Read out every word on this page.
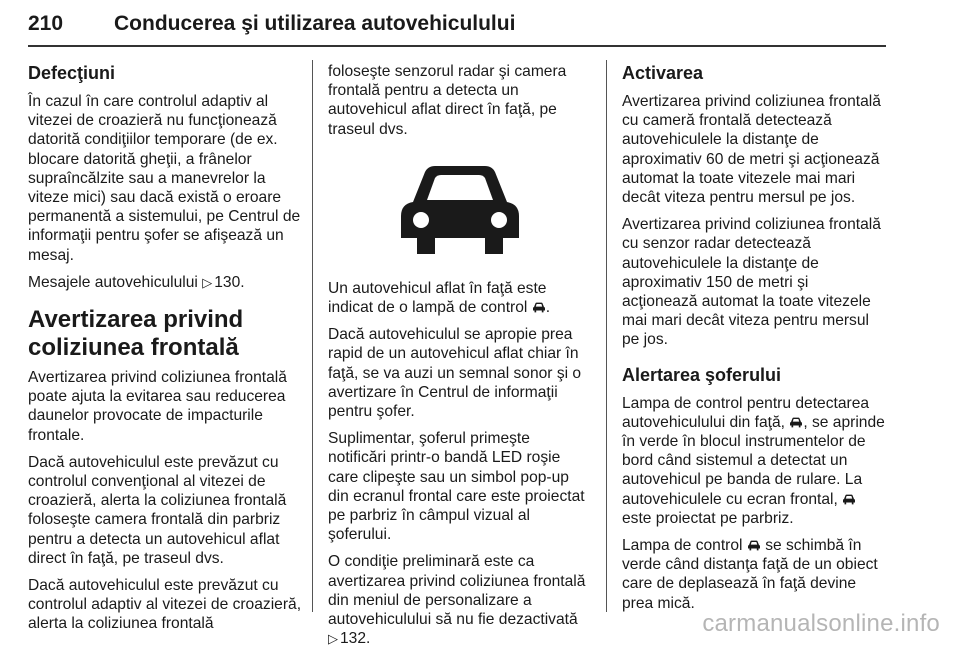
210 Conducerea şi utilizarea autovehiculului
Defecţiuni

În cazul în care controlul adaptiv al vitezei de croazieră nu funcţionează datorită condiţiilor temporare (de ex. blocare datorită gheţii, a frânelor supraîncălzite sau a manevrelor la viteze mici) sau dacă există o eroare permanentă a sistemului, pe Centrul de informaţii pentru şofer se afişează un mesaj.

Mesajele autovehiculului ▷ 130.

Avertizarea privind coliziunea frontală

Avertizarea privind coliziunea frontală poate ajuta la evitarea sau reducerea daunelor provocate de impacturile frontale.

Dacă autovehiculul este prevăzut cu controlul convenţional al vitezei de croazieră, alerta la coliziunea frontală foloseşte camera frontală din parbriz pentru a detecta un autovehicul aflat direct în faţă, pe traseul dvs.

Dacă autovehiculul este prevăzut cu controlul adaptiv al vitezei de croazieră, alerta la coliziunea frontală

foloseşte senzorul radar şi camera frontală pentru a detecta un autovehicul aflat direct în faţă, pe traseul dvs.

Un autovehicul aflat în faţă este indicat de o lampă de control .

Dacă autovehiculul se apropie prea rapid de un autovehicul aflat chiar în faţă, se va auzi un semnal sonor şi o avertizare în Centrul de informaţii pentru şofer.

Suplimentar, şoferul primeşte notificări printr-o bandă LED roşie care clipeşte sau un simbol pop-up din ecranul frontal care este proiectat pe parbriz în câmpul vizual al şoferului.

O condiţie preliminară este ca avertizarea privind coliziunea frontală din meniul de personalizare a autovehiculului să nu fie dezactivată ▷ 132.

Activarea

Avertizarea privind coliziunea frontală cu cameră frontală detectează autovehiculele la distanţe de aproximativ 60 de metri şi acţionează automat la toate vitezele mai mari decât viteza pentru mersul pe jos.

Avertizarea privind coliziunea frontală cu senzor radar detectează autovehiculele la distanţe de aproximativ 150 de metri şi acţionează automat la toate vitezele mai mari decât viteza pentru mersul pe jos.

Alertarea şoferului

Lampa de control pentru detectarea autovehiculului din faţă, , se aprinde în verde în blocul instrumentelor de bord când sistemul a detectat un autovehicul pe banda de rulare. La autovehiculele cu ecran frontal,  este proiectat pe parbriz.

Lampa de control se schimbă în verde când distanţa faţă de un obiect care de deplasează în faţă devine prea mică.

carmanualsonline.info
